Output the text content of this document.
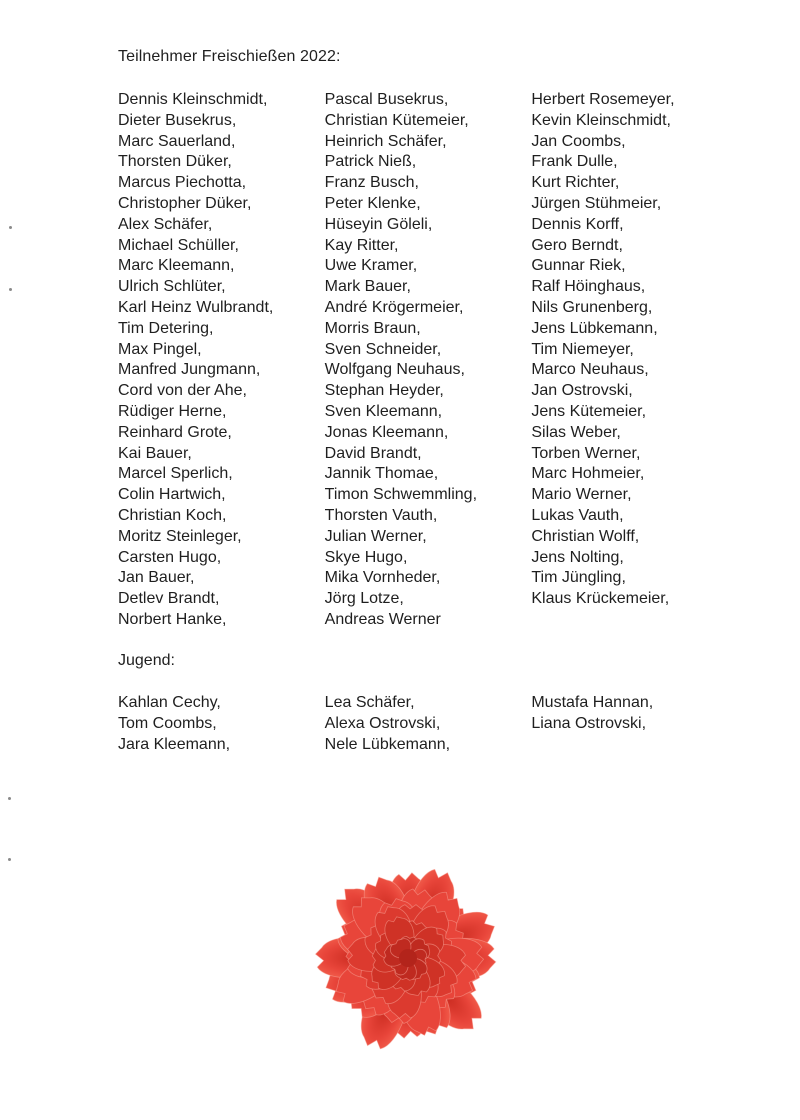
Teilnehmer Freischießen 2022:
Dennis Kleinschmidt,
Dieter Busekrus,
Marc Sauerland,
Thorsten Düker,
Marcus Piechotta,
Christopher Düker,
Alex Schäfer,
Michael Schüller,
Marc Kleemann,
Ulrich Schlüter,
Karl Heinz Wulbrandt,
Tim Detering,
Max Pingel,
Manfred Jungmann,
Cord von der Ahe,
Rüdiger Herne,
Reinhard Grote,
Kai Bauer,
Marcel Sperlich,
Colin Hartwich,
Christian Koch,
Moritz Steinleger,
Carsten Hugo,
Jan Bauer,
Detlev Brandt,
Norbert Hanke,
Pascal Busekrus,
Christian Kütemeier,
Heinrich Schäfer,
Patrick Nieß,
Franz Busch,
Peter Klenke,
Hüseyin Göleli,
Kay Ritter,
Uwe Kramer,
Mark Bauer,
André Krögermeier,
Morris Braun,
Sven Schneider,
Wolfgang Neuhaus,
Stephan Heyder,
Sven Kleemann,
Jonas Kleemann,
David Brandt,
Jannik Thomae,
Timon Schwemmling,
Thorsten Vauth,
Julian Werner,
Skye Hugo,
Mika Vornheder,
Jörg Lotze,
Andreas Werner
Herbert Rosemeyer,
Kevin Kleinschmidt,
Jan Coombs,
Frank Dulle,
Kurt Richter,
Jürgen Stühmeier,
Dennis Korff,
Gero Berndt,
Gunnar Riek,
Ralf Höinghaus,
Nils Grunenberg,
Jens Lübkemann,
Tim Niemeyer,
Marco Neuhaus,
Jan Ostrovski,
Jens Kütemeier,
Silas Weber,
Torben Werner,
Marc Hohmeier,
Mario Werner,
Lukas Vauth,
Christian Wolff,
Jens Nolting,
Tim Jüngling,
Klaus Krückemeier,
Jugend:
Kahlan Cechy,
Tom Coombs,
Jara Kleemann,
Lea Schäfer,
Alexa Ostrovski,
Nele Lübkemann,
Mustafa Hannan,
Liana Ostrovski,
